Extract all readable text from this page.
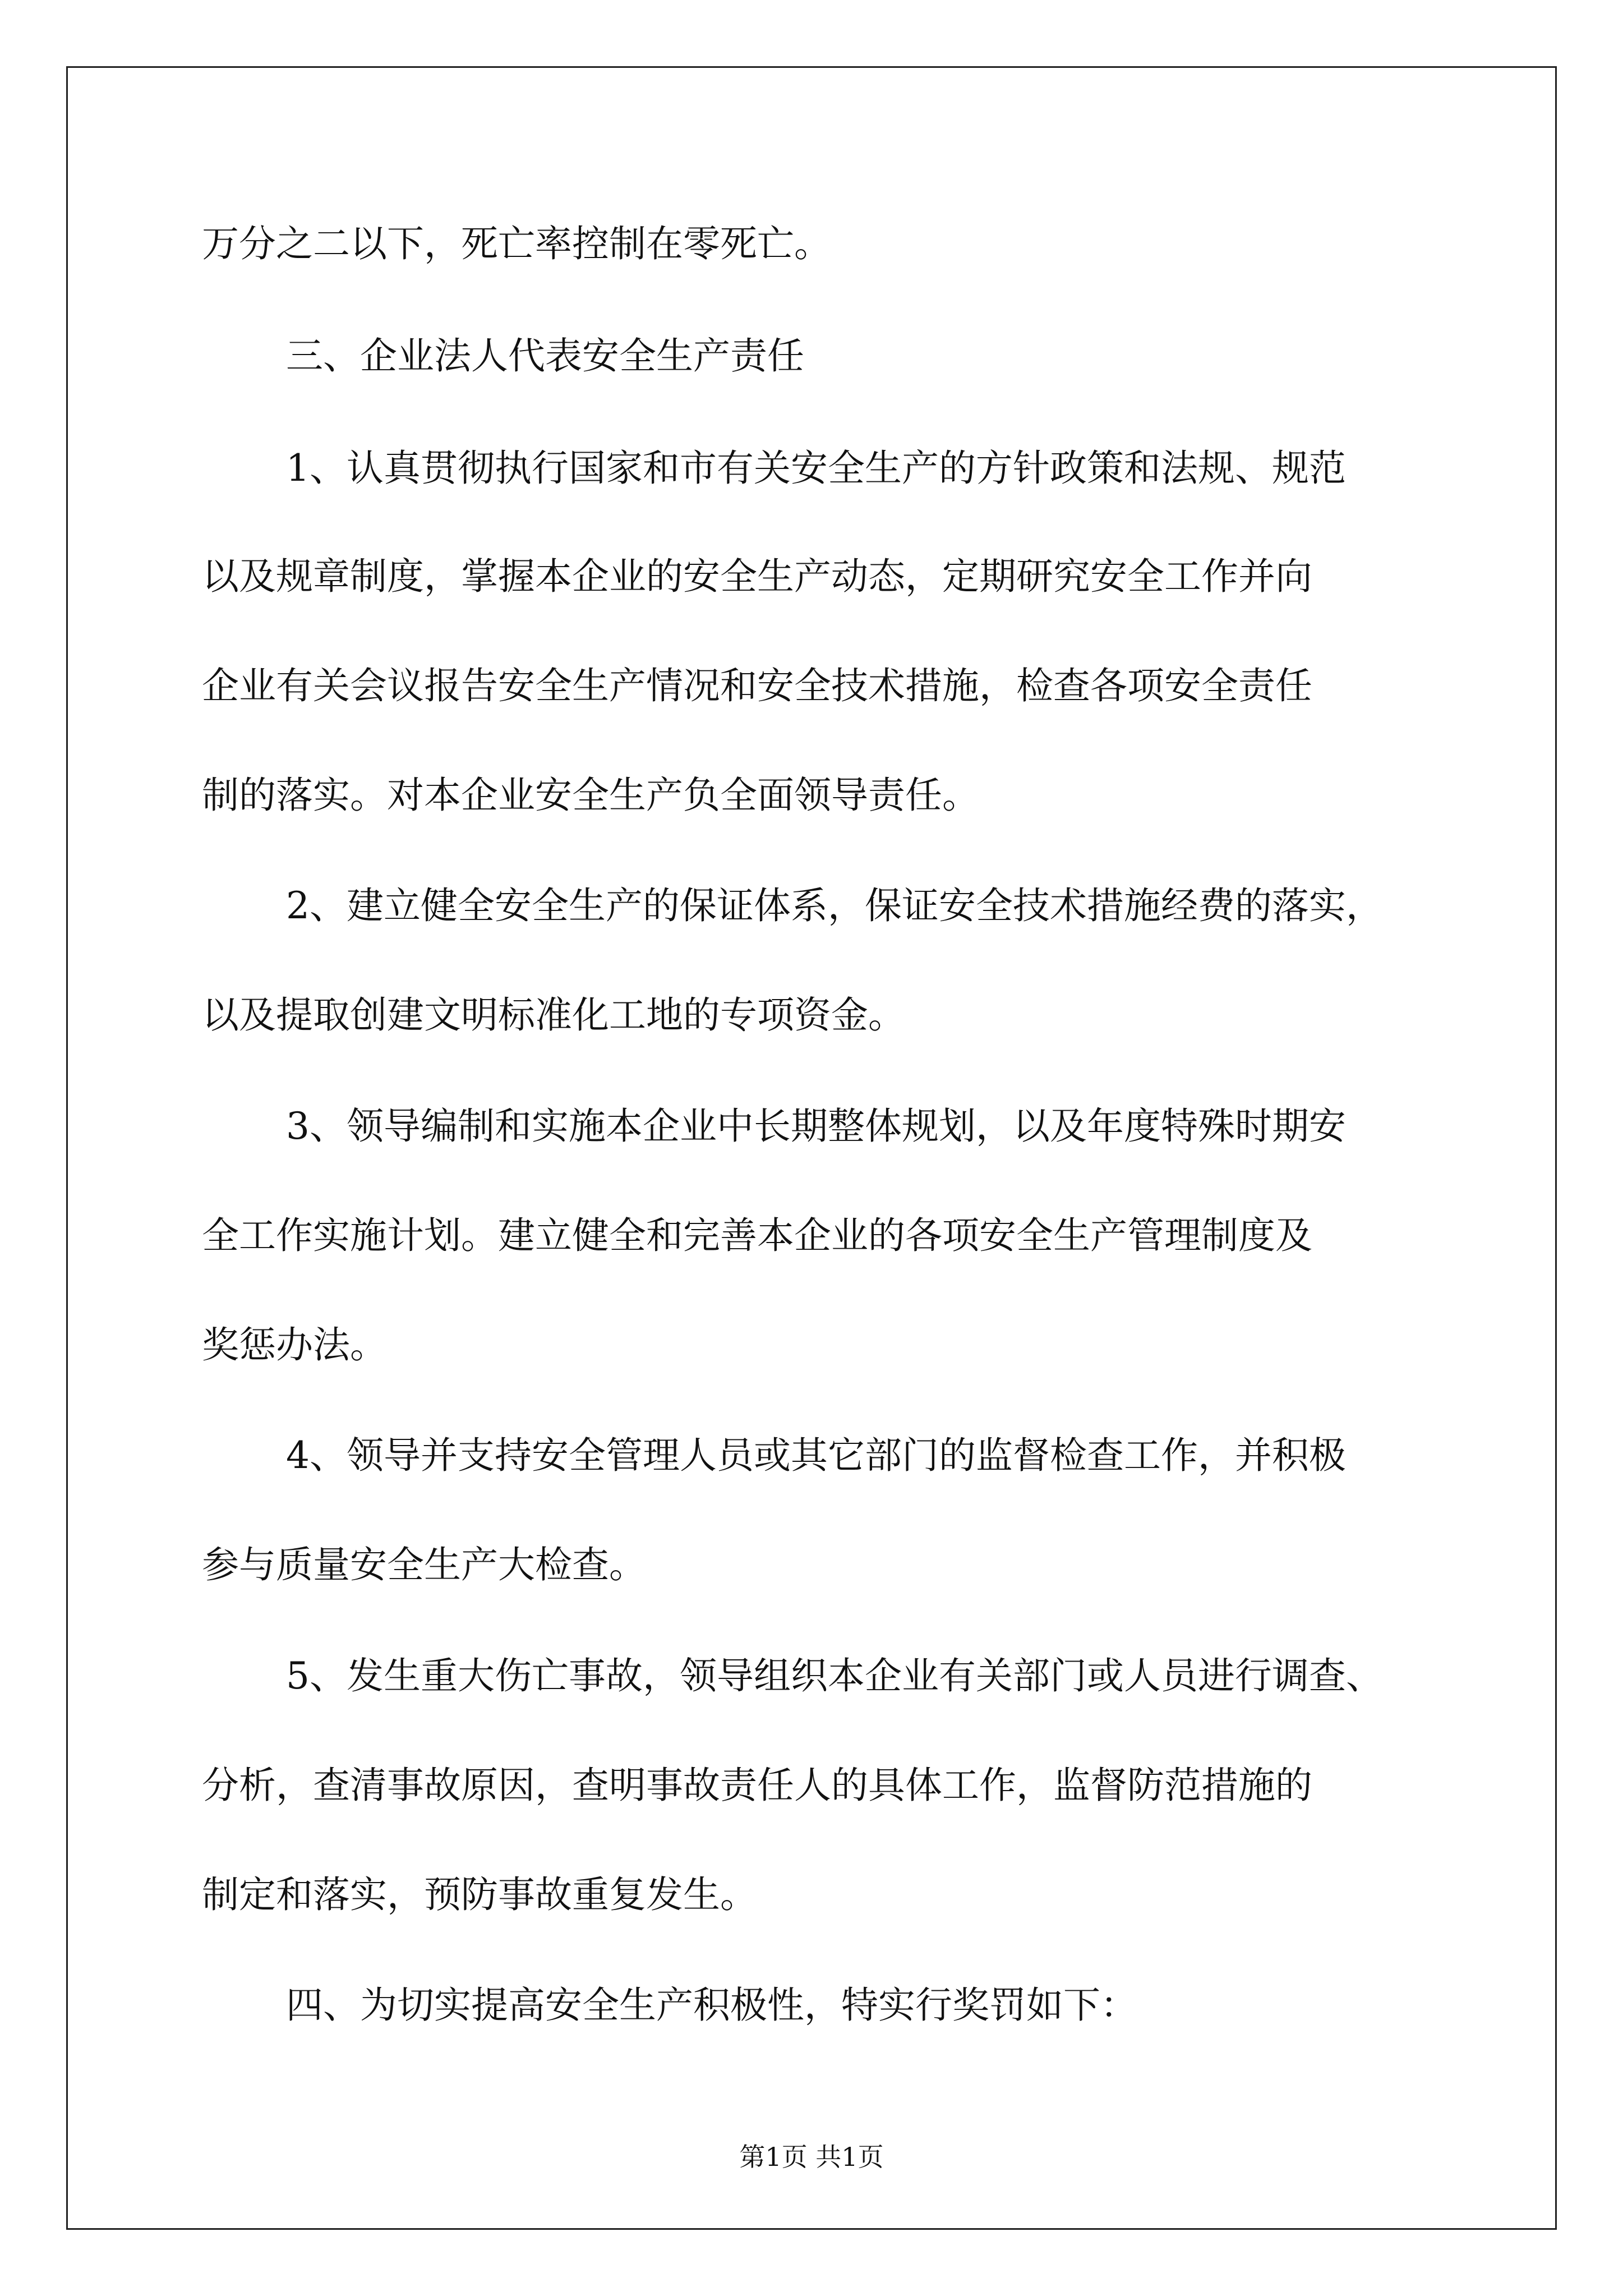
万分之二以下，死亡率控制在零死亡。
三、企业法人代表安全生产责任
1、认真贯彻执行国家和市有关安全生产的方针政策和法规、规范
以及规章制度，掌握本企业的安全生产动态，定期研究安全工作并向
企业有关会议报告安全生产情况和安全技术措施，检查各项安全责任
制的落实。对本企业安全生产负全面领导责任。
2、建立健全安全生产的保证体系，保证安全技术措施经费的落实，
以及提取创建文明标准化工地的专项资金。
3、领导编制和实施本企业中长期整体规划，以及年度特殊时期安
全工作实施计划。建立健全和完善本企业的各项安全生产管理制度及
奖惩办法。
4、领导并支持安全管理人员或其它部门的监督检查工作，并积极
参与质量安全生产大检查。
5、发生重大伤亡事故，领导组织本企业有关部门或人员进行调查、
分析，查清事故原因，查明事故责任人的具体工作，监督防范措施的
制定和落实，预防事故重复发生。
四、为切实提高安全生产积极性，特实行奖罚如下：
第1页 共1页
